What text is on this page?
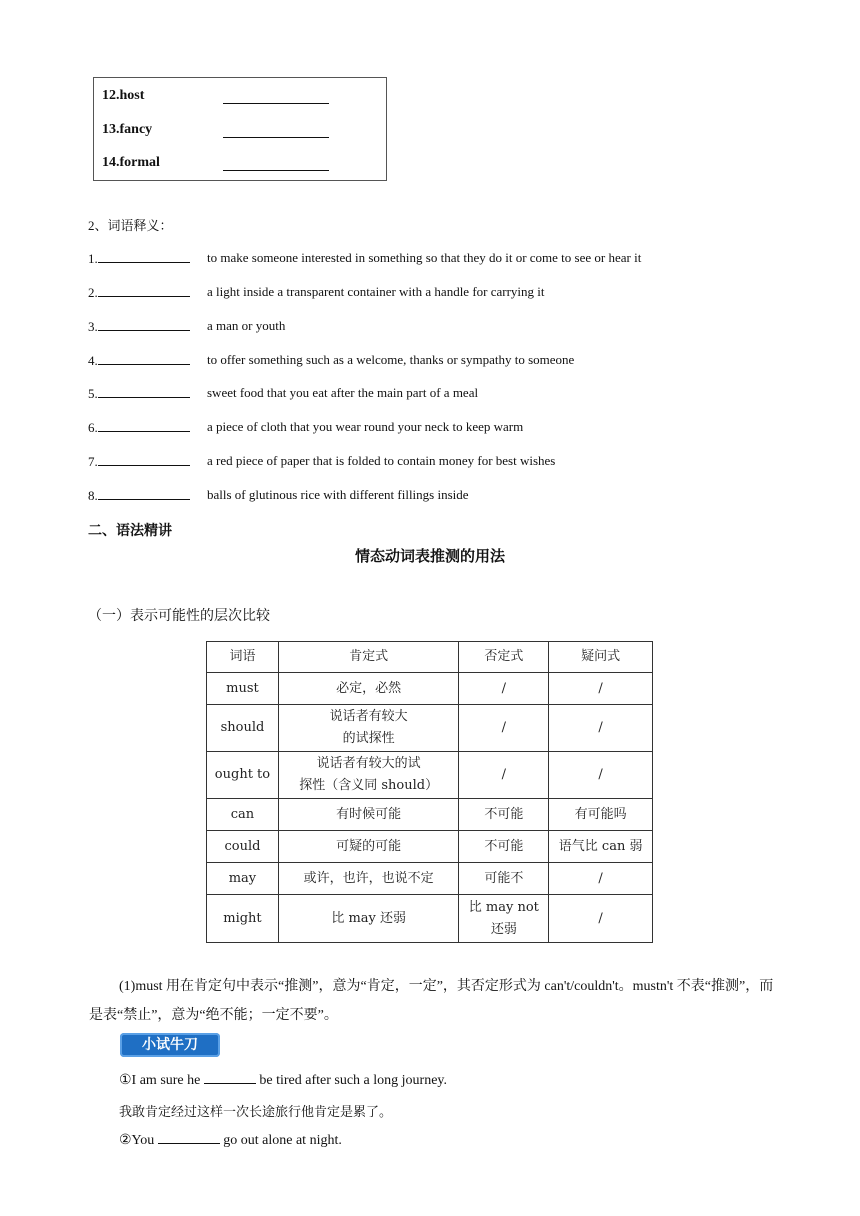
12.host
13.fancy
14.formal
2、词语释义：
1.	to make someone interested in something so that they do it or come to see or hear it
2.	a light inside a transparent container with a handle for carrying it
3.	a man or youth
4.	to offer something such as a welcome, thanks or sympathy to someone
5.	sweet food that you eat after the main part of a meal
6.	a piece of cloth that you wear round your neck to keep warm
7.	a red piece of paper that is folded to contain money for best wishes
8.	balls of glutinous rice with different fillings inside
二、语法精讲
情态动词表推测的用法
（一）表示可能性的层次比较
词语	肯定式	否定式	疑问式
must	必定，必然	/	/
should	说话者有较大
的试探性	/	/
ought to	说话者有较大的试
探性（含义同 should）	/	/
can	有时候可能	不可能	有可能吗
could	可疑的可能	不可能	语气比 can 弱
may	或许，也许，也说不定	可能不	/
might	比 may 还弱	比 may not
还弱	/
(1)must 用在肯定句中表示“推测”，意为“肯定，一定”，其否定形式为 can't/couldn't。mustn't 不表“推测”，而是表“禁止”，意为“绝不能；一定不要”。
小试牛刀
①I am sure he	be tired after such a long journey.
我敢肯定经过这样一次长途旅行他肯定是累了。
②You	go out alone at night.
